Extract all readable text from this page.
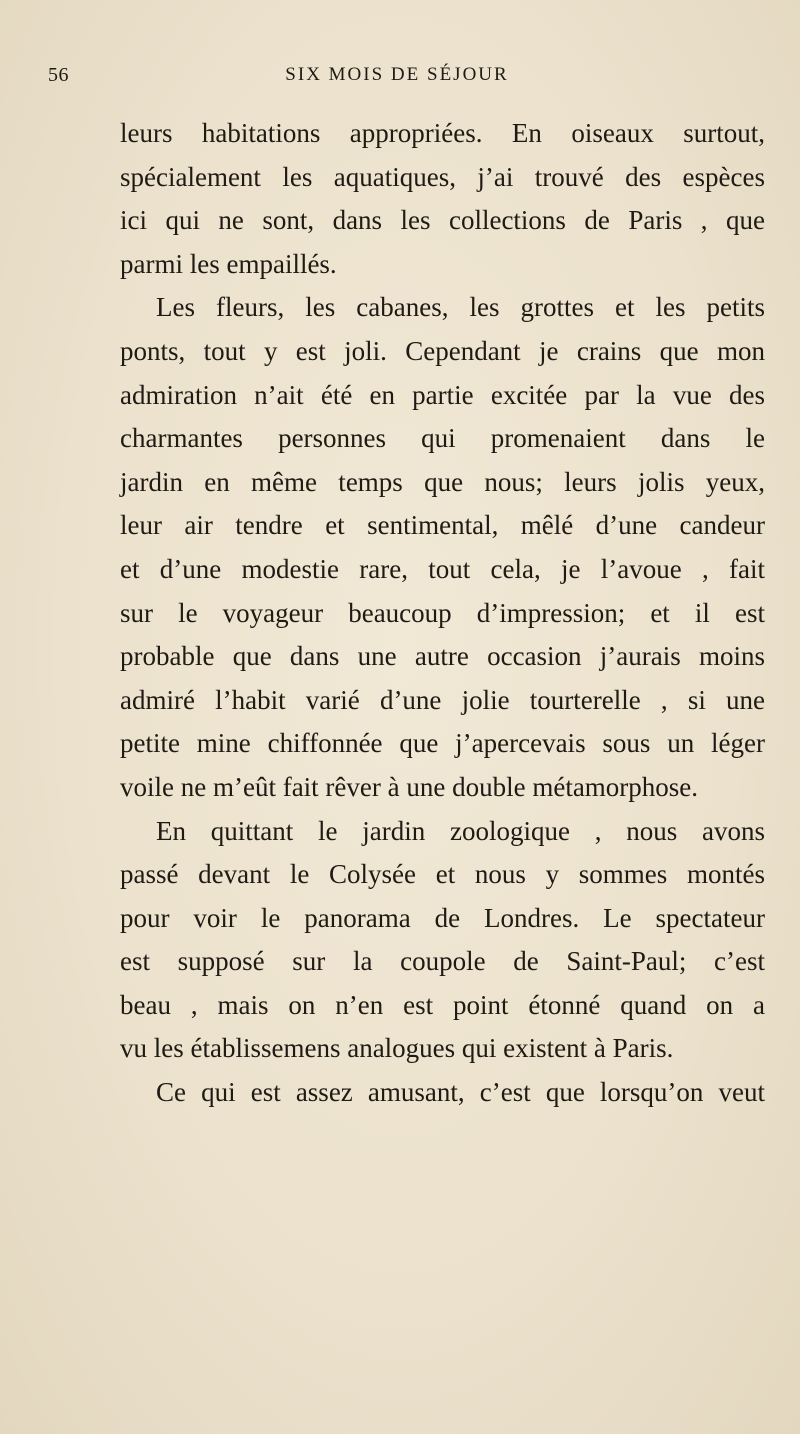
56	SIX MOIS DE SÉJOUR
leurs habitations appropriées. En oiseaux surtout,
spécialement les aquatiques, j’ai trouvé des espèces
ici qui ne sont, dans les collections de Paris , que
parmi les empaillés.
Les fleurs, les cabanes, les grottes et les petits
ponts, tout y est joli. Cependant je crains que mon
admiration n’ait été en partie excitée par la vue des
charmantes personnes qui promenaient dans le
jardin en même temps que nous; leurs jolis yeux,
leur air tendre et sentimental, mêlé d’une candeur
et d’une modestie rare, tout cela, je l’avoue , fait
sur le voyageur beaucoup d’impression; et il est
probable que dans une autre occasion j’aurais moins
admiré l’habit varié d’une jolie tourterelle , si une
petite mine chiffonnée que j’apercevais sous un léger
voile ne m’eût fait rêver à une double métamorphose.
En quittant le jardin zoologique , nous avons
passé devant le Colysée et nous y sommes montés
pour voir le panorama de Londres. Le spectateur
est supposé sur la coupole de Saint-Paul; c’est
beau , mais on n’en est point étonné quand on a
vu les établissemens analogues qui existent à Paris.
Ce qui est assez amusant, c’est que lorsqu’on veut
